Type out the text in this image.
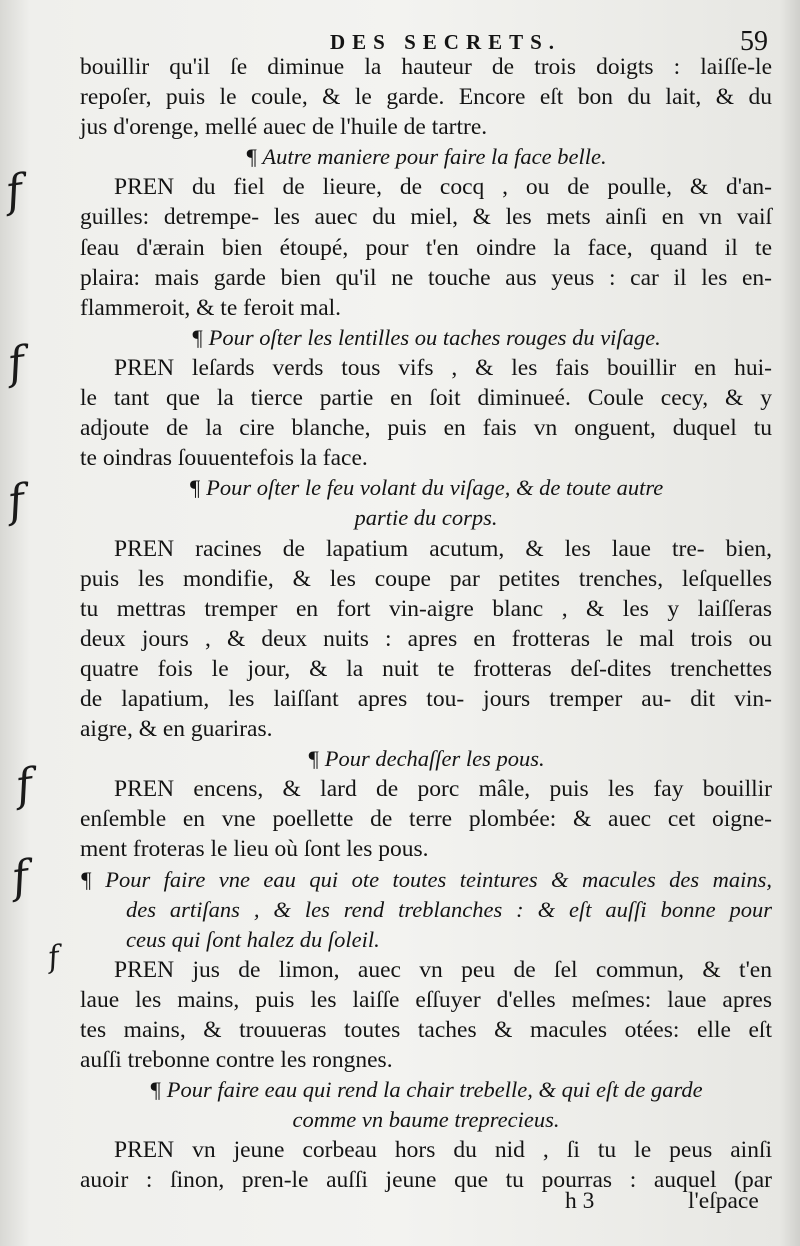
DES SECRETS.	59
f
f
f
f
f
f
bouillir qu'il ſe diminue la hauteur de trois doigts : laiſſe-le
repoſer, puis le coule, & le garde. Encore eſt bon du lait, & du
jus d'orenge, mellé auec de l'huile de tartre.
¶ Autre maniere pour faire la face belle.
PREN du fiel de lieure, de cocq , ou de poulle, & d'an-
guilles: detrempe- les auec du miel, & les mets ainſi en vn vaiſ
ſeau d'ærain bien étoupé, pour t'en oindre la face, quand il te
plaira: mais garde bien qu'il ne touche aus yeus : car il les en-
flammeroit, & te feroit mal.
¶ Pour oſter les lentilles ou taches rouges du viſage.
PREN leſards verds tous vifs , & les fais bouillir en hui-
le tant que la tierce partie en ſoit diminueé. Coule cecy, & y
adjoute de la cire blanche, puis en fais vn onguent, duquel tu
te oindras ſouuentefois la face.
¶ Pour oſter le feu volant du viſage, & de toute autre
partie du corps.
PREN racines de lapatium acutum, & les laue tre- bien,
puis les mondifie, & les coupe par petites trenches, leſquelles
tu mettras tremper en fort vin-aigre blanc , & les y laiſſeras
deux jours , & deux nuits : apres en frotteras le mal trois ou
quatre fois le jour, & la nuit te frotteras deſ-dites trenchettes
de lapatium, les laiſſant apres tou- jours tremper au- dit vin-
aigre, & en guariras.
¶ Pour dechaſſer les pous.
PREN encens, & lard de porc mâle, puis les fay bouillir
enſemble en vne poellette de terre plombée: & auec cet oigne-
ment froteras le lieu où ſont les pous.
¶ Pour faire vne eau qui ote toutes teintures & macules des mains,
des artiſans , & les rend treblanches : & eſt auſſi bonne pour
ceus qui ſont halez du ſoleil.
PREN jus de limon, auec vn peu de ſel commun, & t'en
laue les mains, puis les laiſſe eſſuyer d'elles meſmes: laue apres
tes mains, & trouueras toutes taches & macules otées: elle eſt
auſſi trebonne contre les rongnes.
¶ Pour faire eau qui rend la chair trebelle, & qui eſt de garde
comme vn baume treprecieus.
PREN vn jeune corbeau hors du nid , ſi tu le peus ainſi
auoir : ſinon, pren-le auſſi jeune que tu pourras : auquel (par
h 3	l'eſpace
